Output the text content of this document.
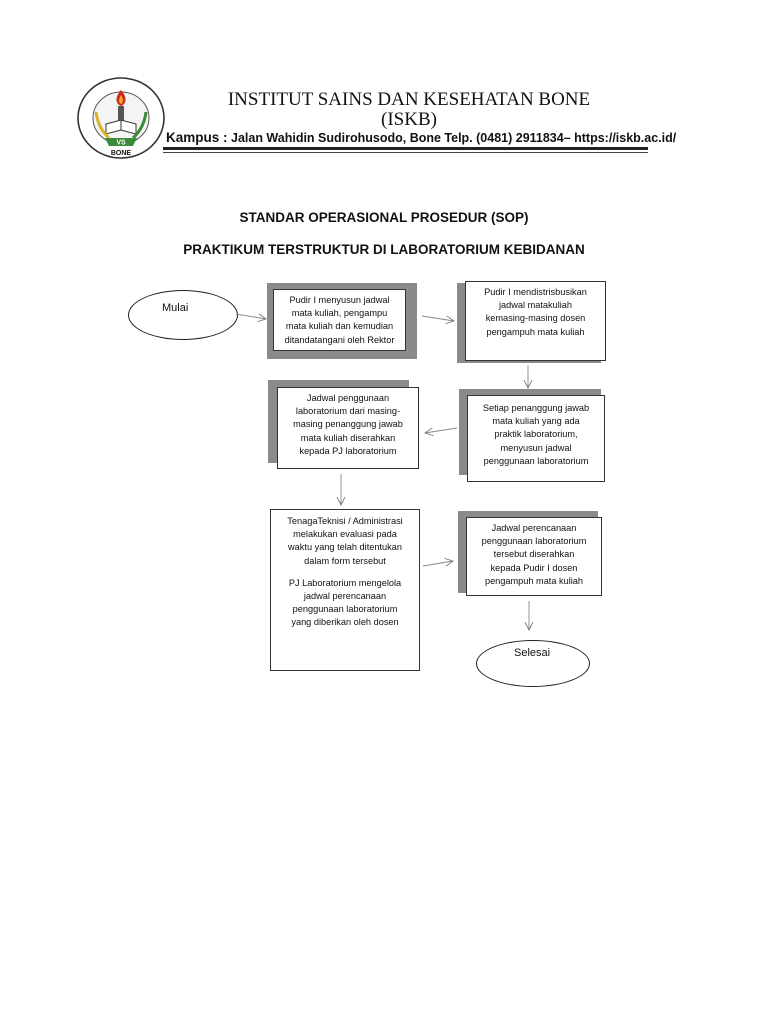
VS
BONE
INSTITUT SAINS DAN KESEHATAN BONE
(ISKB)
Kampus : Jalan Wahidin Sudirohusodo, Bone Telp. (0481) 2911834– https://iskb.ac.id/
STANDAR OPERASIONAL PROSEDUR (SOP)
PRAKTIKUM TERSTRUKTUR DI LABORATORIUM KEBIDANAN
Mulai
Pudir I menyusun jadwal
mata kuliah, pengampu
mata kuliah dan kemudian
ditandatangani oleh Rektor
Pudir I mendistrisbusikan
jadwal matakuliah
kemasing-masing dosen
pengampuh mata kuliah
Setiap penanggung jawab
mata kuliah yang ada
praktik laboratorium,
menyusun jadwal
penggunaan laboratorium
Jadwal penggunaan
laboratorium dari masing-
masing penanggung jawab
mata kuliah diserahkan
kepada PJ laboratorium

TenagaTeknisi / Administrasi
melakukan evaluasi pada
waktu yang telah ditentukan
dalam form tersebut

PJ Laboratorium mengelola
jadwal perencanaan
penggunaan laboratorium
yang diberikan oleh dosen

Jadwal perencanaan
penggunaan laboratorium
tersebut diserahkan
kepada Pudir I dosen
pengampuh mata kuliah
Selesai
